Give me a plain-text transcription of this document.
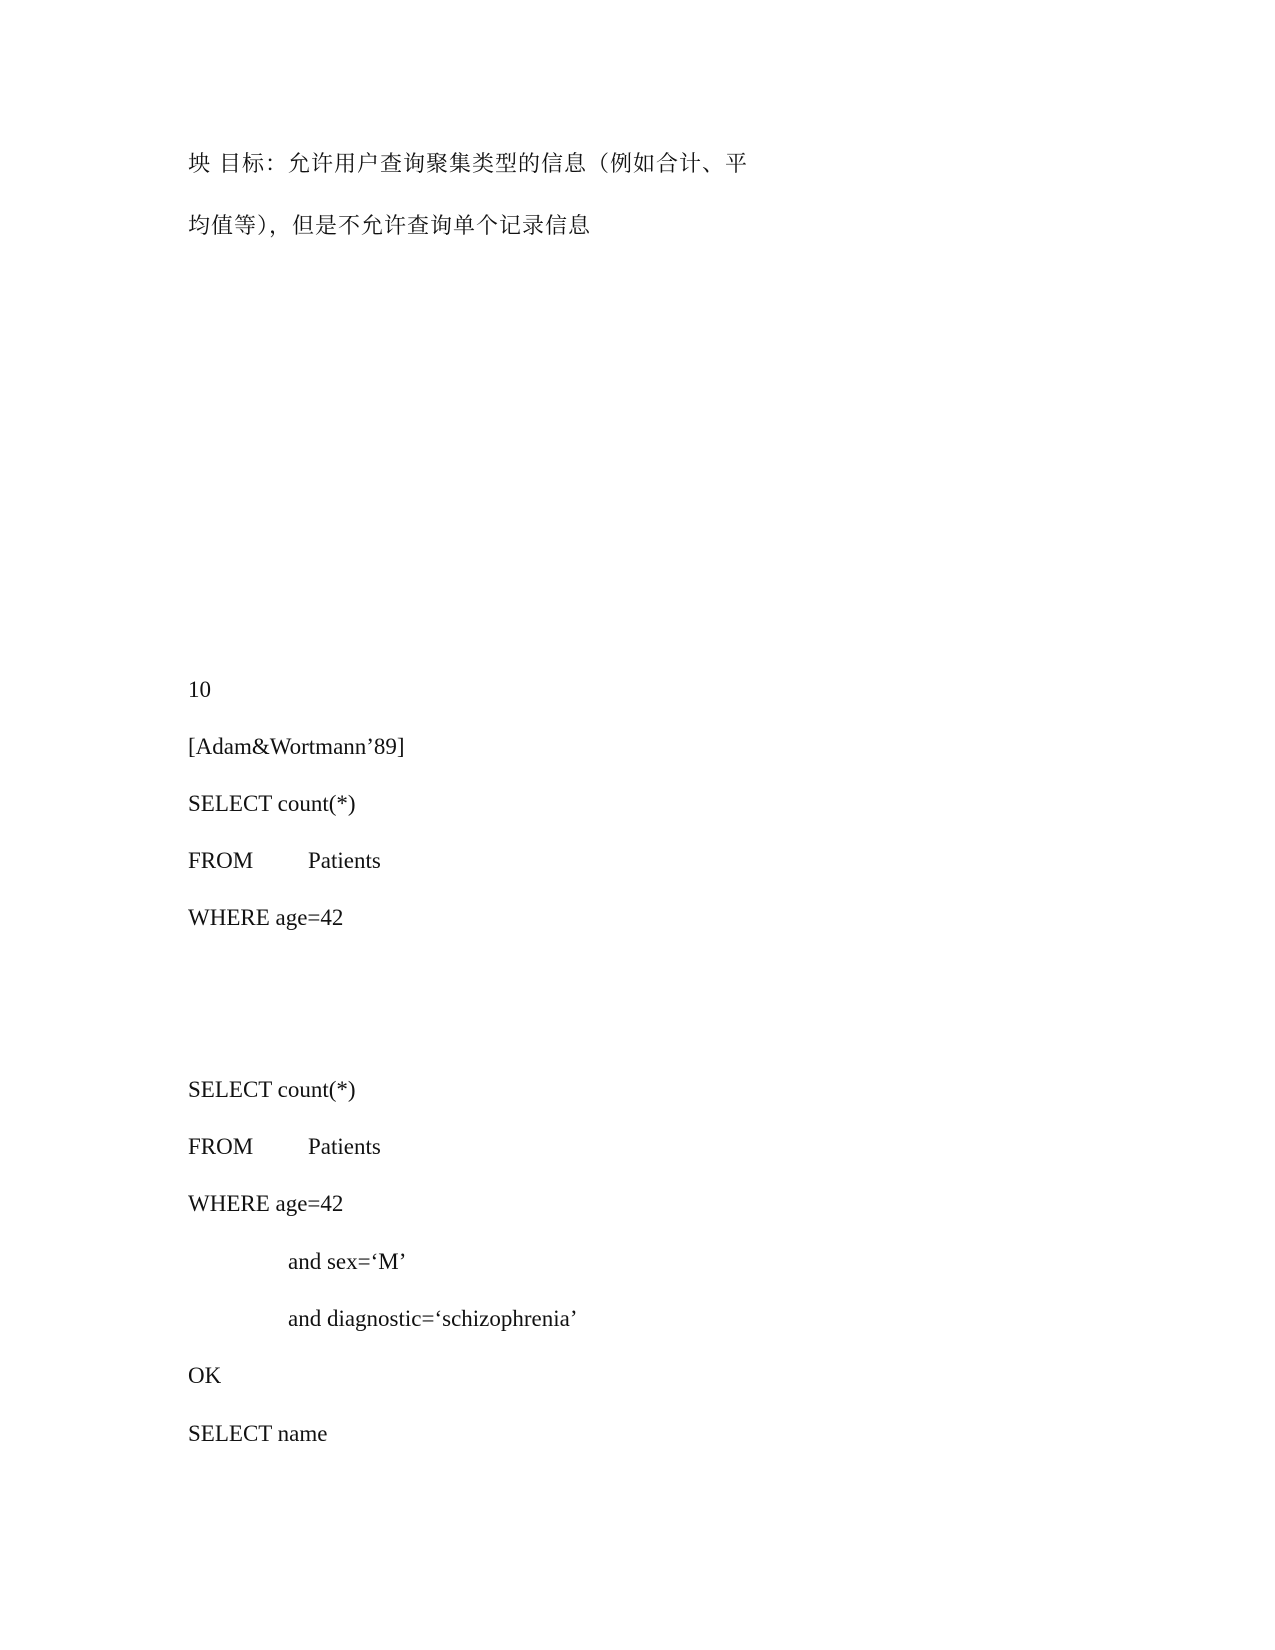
坱 目标：允许用户查询聚集类型的信息（例如合计、平
均值等），但是不允许查询单个记录信息
10
[Adam&Wortmann’89]
SELECT count(*)
FROM Patients
WHERE age=42
SELECT count(*)
FROM Patients
WHERE age=42
and sex=‘M’
and diagnostic=‘schizophrenia’
OK
SELECT name
